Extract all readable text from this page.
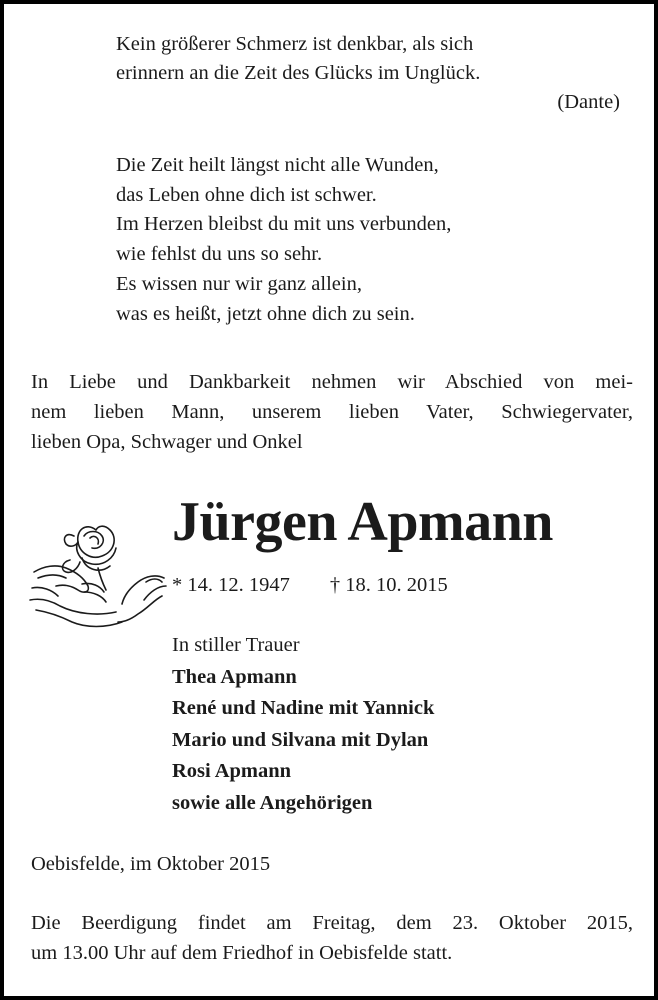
Kein größerer Schmerz ist denkbar, als sich
erinnern an die Zeit des Glücks im Unglück.
(Dante)
Die Zeit heilt längst nicht alle Wunden,
das Leben ohne dich ist schwer.
Im Herzen bleibst du mit uns verbunden,
wie fehlst du uns so sehr.
Es wissen nur wir ganz allein,
was es heißt, jetzt ohne dich zu sein.
In Liebe und Dankbarkeit nehmen wir Abschied von mei-
nem lieben Mann, unserem lieben Vater, Schwiegervater,
lieben Opa, Schwager und Onkel
Jürgen Apmann
* 14. 12. 1947 † 18. 10. 2015
In stiller Trauer
Thea Apmann
René und Nadine mit Yannick
Mario und Silvana mit Dylan
Rosi Apmann
sowie alle Angehörigen
Oebisfelde, im Oktober 2015
Die Beerdigung findet am Freitag, dem 23. Oktober 2015,
um 13.00 Uhr auf dem Friedhof in Oebisfelde statt.
